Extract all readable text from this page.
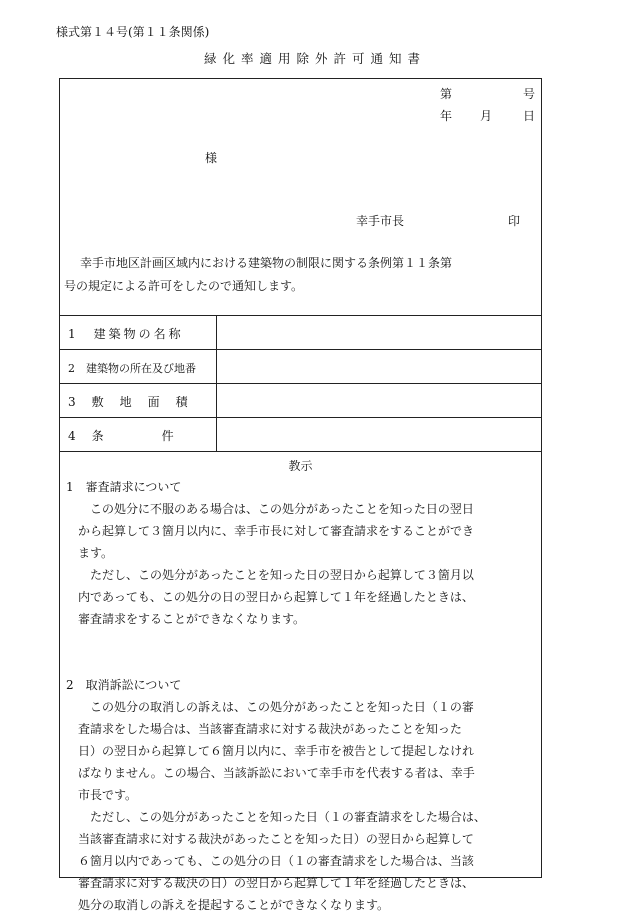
様式第１４号(第１１条関係)
緑化率適用除外許可通知書
第	号
年 月	日
様
幸手市長	印
幸手市地区計画区域内における建築物の制限に関する条例第１１条第
号の規定による許可をしたので通知します。
1　建築物の名称
2　建築物の所在及び地番
3　敷　地　面　積
4　条　　　　件
教示
1　審査請求について
この処分に不服のある場合は、この処分があったことを知った日の翌日
から起算して３箇月以内に、幸手市長に対して審査請求をすることができ
ます。
ただし、この処分があったことを知った日の翌日から起算して３箇月以
内であっても、この処分の日の翌日から起算して１年を経過したときは、
審査請求をすることができなくなります。
2　取消訴訟について
この処分の取消しの訴えは、この処分があったことを知った日（１の審
査請求をした場合は、当該審査請求に対する裁決があったことを知った
日）の翌日から起算して６箇月以内に、幸手市を被告として提起しなけれ
ばなりません。この場合、当該訴訟において幸手市を代表する者は、幸手
市長です。
ただし、この処分があったことを知った日（１の審査請求をした場合は、
当該審査請求に対する裁決があったことを知った日）の翌日から起算して
６箇月以内であっても、この処分の日（１の審査請求をした場合は、当該
審査請求に対する裁決の日）の翌日から起算して１年を経過したときは、
処分の取消しの訴えを提起することができなくなります。
